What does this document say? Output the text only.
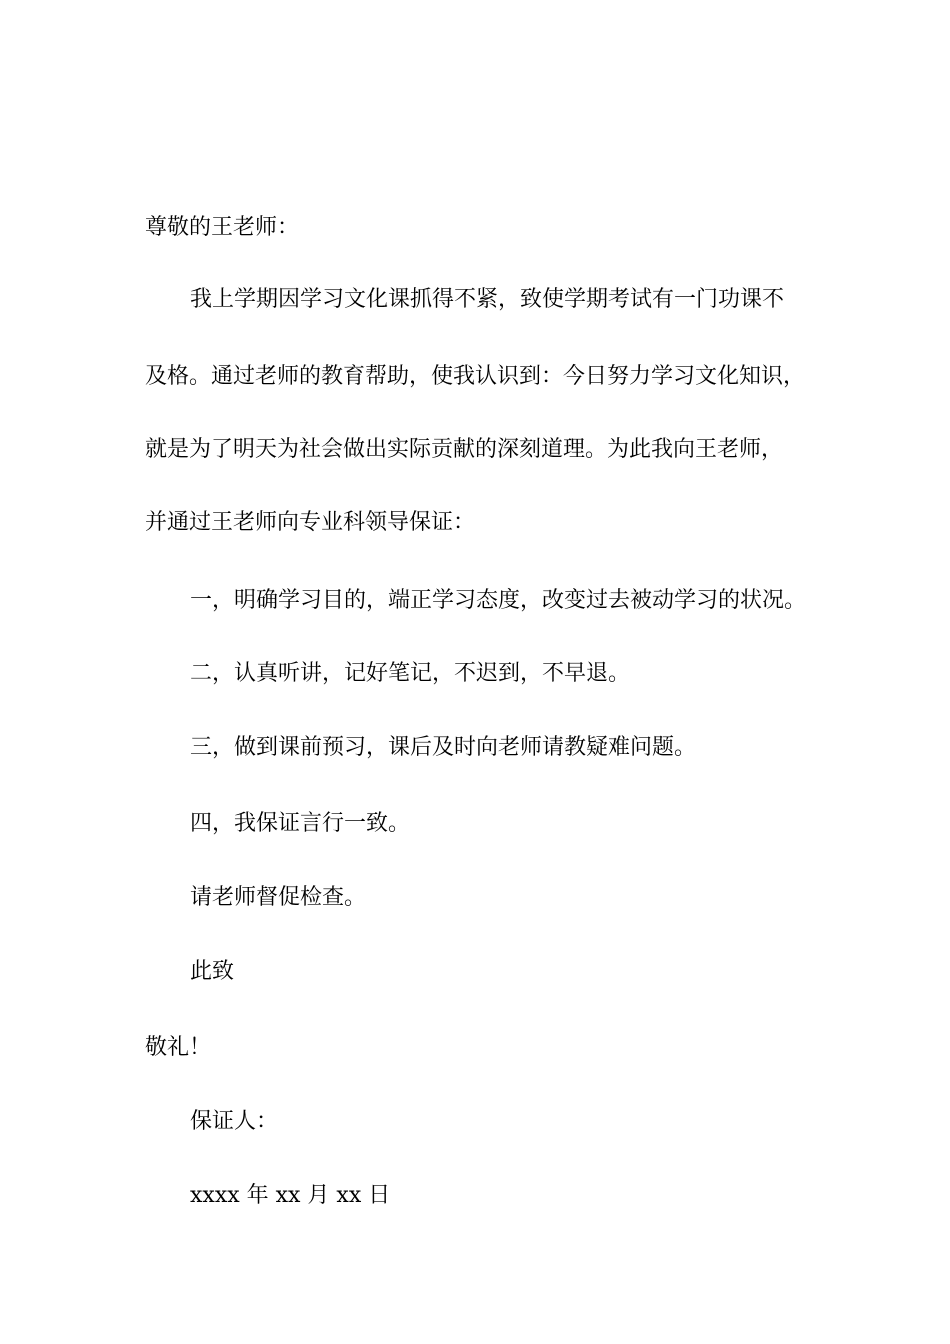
尊敬的王老师：
我上学期因学习文化课抓得不紧，致使学期考试有一门功课不
及格。通过老师的教育帮助，使我认识到：今日努力学习文化知识，
就是为了明天为社会做出实际贡献的深刻道理。为此我向王老师，
并通过王老师向专业科领导保证：
一，明确学习目的，端正学习态度，改变过去被动学习的状况。
二，认真听讲，记好笔记，不迟到，不早退。
三，做到课前预习，课后及时向老师请教疑难问题。
四，我保证言行一致。
请老师督促检查。
此致
敬礼！
保证人：
xxxx 年 xx 月 xx 日
